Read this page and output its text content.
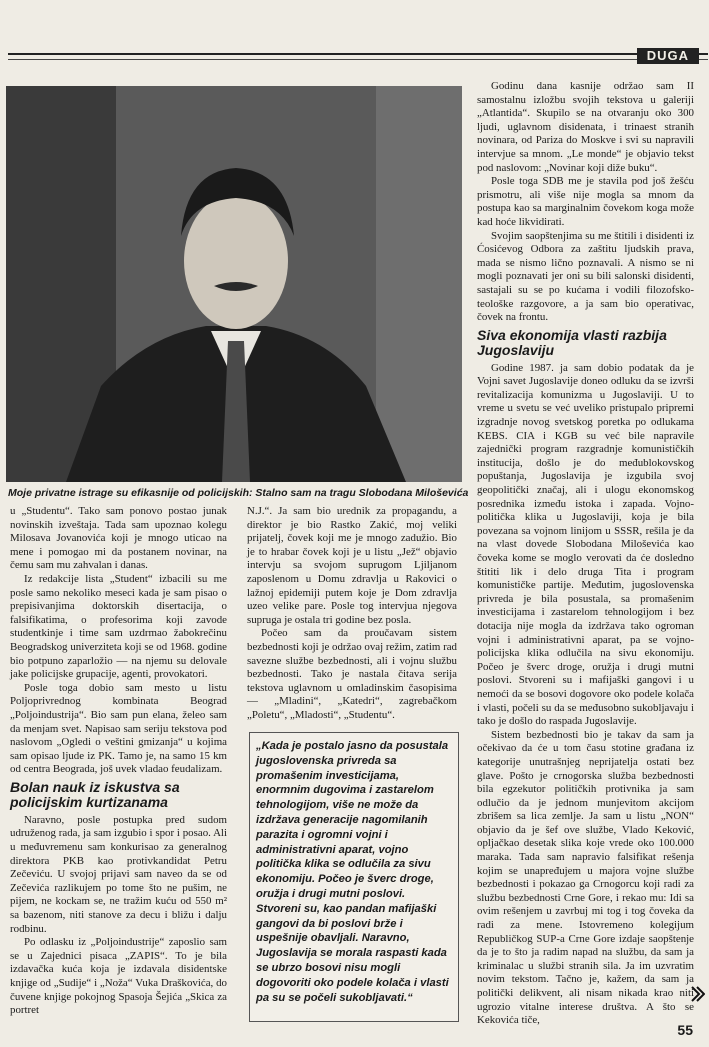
DUGA
Moje privatne istrage su efikasnije od policijskih: Stalno sam na tragu Slobodana Miloševića

u „Studentu“. Tako sam ponovo postao junak novinskih izveštaja. Tada sam upoznao kolegu Milosava Jovanovića koji je mnogo uticao na mene i pomogao mi da postanem novinar, na čemu sam mu zahvalan i danas.

Iz redakcije lista „Student“ izbacili su me posle samo nekoliko meseci kada je sam pisao o prepisivanjima doktorskih disertacija, o falsifikatima, o profesorima koji zavode studentkinje i time sam uzdrmao žabokrečinu Beogradskog univerziteta koji se od 1968. godine bio potpuno zaparložio — na njemu su delovale jake policijske grupacije, agenti, provokatori.

Posle toga dobio sam mesto u listu Poljoprivrednog kombinata Beograd „Poljoindustrija“. Bio sam pun elana, želeo sam da menjam svet. Napisao sam seriju tekstova pod naslovom „Ogledi o veštini gmizanja“ u kojima sam opisao ljude iz PK. Tamo je, na samo 15 km od centra Beograda, još uvek vladao feudalizam.

Bolan nauk iz iskustva sa policijskim kurtizanama

Naravno, posle postupka pred sudom udruženog rada, ja sam izgubio i spor i posao. Ali u međuvremenu sam konkurisao za generalnog direktora PKB kao protivkandidat Petru Zečeviću. U svojoj prijavi sam naveo da se od Zečevića razlikujem po tome što ne pušim, ne pijem, ne kockam se, ne tražim kuću od 550 m² sa bazenom, niti stanove za decu i bližu i dalju rodbinu.

Po odlasku iz „Poljoindustrije“ zaposlio sam se u Zajednici pisaca „ZAPIS“. To je bila izdavačka kuća koja je izdavala disidentske knjige od „Sudije“ i „Noža“ Vuka Draškovića, do čuvene knjige pokojnog Spasoja Šejića „Skica za portret

N.J.“. Ja sam bio urednik za propagandu, a direktor je bio Rastko Zakić, moj veliki prijatelj, čovek koji me je mnogo zadužio. Bio je to hrabar čovek koji je u listu „Jež“ objavio intervju sa svojom suprugom Ljiljanom zaposlenom u Domu zdravlja u Rakovici o lažnoj epidemiji putem koje je Dom zdravlja uzeo velike pare. Posle tog intervjua njegova supruga je ostala tri godine bez posla.

Počeo sam da proučavam sistem bezbednosti koji je održao ovaj režim, zatim rad savezne službe bezbednosti, ali i vojnu službu bezbednosti. Tako je nastala čitava serija tekstova uglavnom u omladinskim časopisima — „Mladini“, „Katedri“, zagrebačkom „Poletu“, „Mladosti“, „Studentu“.

„Kada je postalo jasno da posustala jugoslovenska privreda sa promašenim investicijama, enormnim dugovima i zastarelom tehnologijom, više ne može da izdržava generacije nagomilanih parazita i ogromni vojni i administrativni aparat, vojno politička klika se odlučila za sivu ekonomiju. Počeo je šverc droge, oružja i drugi mutni poslovi. Stvoreni su, kao pandan mafijaški gangovi da bi poslovi brže i uspešnije obavljali. Naravno, Jugoslavija se morala raspasti kada se ubrzo bosovi nisu mogli dogovoriti oko podele kolača i vlasti pa su se počeli sukobljavati.“

Godinu dana kasnije održao sam II samostalnu izložbu svojih tekstova u galeriji „Atlantida“. Skupilo se na otvaranju oko 300 ljudi, uglavnom disidenata, i trinaest stranih novinara, od Pariza do Moskve i svi su napravili intervjue sa mnom. „Le monde“ je objavio tekst pod naslovom: „Novinar koji diže buku“.

Posle toga SDB me je stavila pod još žešću prismotru, ali više nije mogla sa mnom da postupa kao sa marginalnim čovekom koga može kad hoće likvidirati.

Svojim saopštenjima su me štitili i disidenti iz Ćosićevog Odbora za zaštitu ljudskih prava, mada se nismo lično poznavali. A nismo se ni mogli poznavati jer oni su bili salonski disidenti, sastajali su se po kućama i vodili filozofsko-teološke razgovore, a ja sam bio operativac, čovek na frontu.

Siva ekonomija vlasti razbija Jugoslaviju

Godine 1987. ja sam dobio podatak da je Vojni savet Jugoslavije doneo odluku da se izvrši revitalizacija komunizma u Jugoslaviji. U to vreme u svetu se već uveliko pristupalo pripremi izgradnje novog svetskog poretka po odlukama KEBS. CIA i KGB su već bile napravile zajednički program razgradnje komunističkih institucija, došlo je do međublokovskog popuštanja, Jugoslavija je izgubila svoj geopolitički značaj, ali i ulogu ekonomskog posrednika između istoka i zapada. Vojno-politička klika u Jugoslaviji, koja je bila povezana sa vojnom linijom u SSSR, rešila je da na vlast dovede Slobodana Miloševića kao čoveka kome se moglo verovati da će dosledno štititi lik i delo druga Tita i program komunističke partije. Međutim, jugoslovenska privreda je bila posustala, sa promašenim investicijama i zastarelom tehnologijom i bez dotacija nije mogla da izdržava tako ogroman vojni i administrativni aparat, pa se vojno-policijska klika odlučila na sivu ekonomiju. Počeo je šverc droge, oružja i drugi mutni poslovi. Stvoreni su i mafijaški gangovi i u nemoći da se bosovi dogovore oko podele kolača i vlasti, počeli su da se međusobno sukobljavaju i tako je došlo do raspada Jugoslavije.

Sistem bezbednosti bio je takav da sam ja očekivao da će u tom času stotine građana iz kategorije unutrašnjeg neprijatelja ostati bez glave. Pošto je crnogorska služba bezbednosti bila egzekutor političkih protivnika ja sam odlučio da je jednom munjevitom akcijom zbrišem sa lica zemlje. Ja sam u listu „NON“ objavio da je šef ove službe, Vlado Keković, opljačkao desetak slika koje vrede oko 100.000 maraka. Tada sam napravio falsifikat rešenja kojim se unapređujem u majora vojne službe bezbednosti i pokazao ga Crnogorcu koji radi za službu bezbednosti Crne Gore, i rekao mu: Idi sa ovim rešenjem u zavrbuj mi tog i tog čoveka da radi za mene. Istovremeno kolegijum Republičkog SUP-a Crne Gore izdaje saopštenje da je to što ja radim napad na službu, da sam ja kriminalac u službi stranih sila. Ja im uzvratim novim tekstom. Tačno je, kažem, da sam ja politički delikvent, ali nisam nikada krao niti ugrozio vitalne interese društva. A što se Kekovića tiče,

55
